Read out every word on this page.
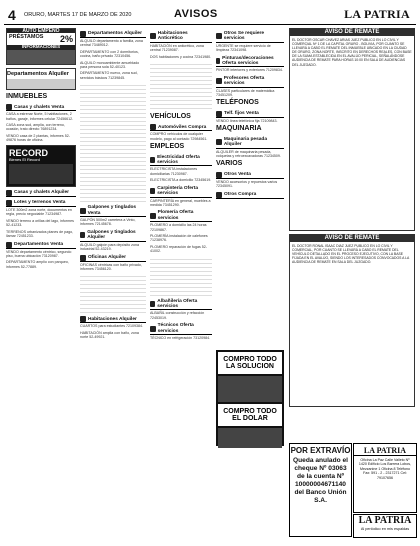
4 ORURO, MARTES 17 DE MARZO DE 2020	AVISOS	LA PATRIA
AUTO EMPEÑO
PRÉSTAMOS 2%
INFORMACIONES
Departamentos Alquiler
INMUEBLES
Casas y chalets Venta
CASA a estrenar Norte, 5 habitaciones, 2 baños, garaje, informes celular 72456612.
CASA zona sud, amplia, con terreno, ocasión, trato directo 76891234.
VENDO casa de 2 plantas, informes 52-49876 horas de oficina.
RECORD
Bienes El Record
Casas y chalets Alquiler
Lotes y terrenos Venta
LOTE 300m2 zona norte, documentos en regla, precio negociable 71234987.
VENDO terreno a orillas del lago, informes 52-41233.
TERRENOS urbanizados planes de pago, llamar 72451233.
Departamentos Venta
VENDO departamento céntrico, segundo piso, buena ubicación 73120987.
DEPARTAMENTO amplio con parqueo, informes 52-77889.
Departamentos Alquiler
ALQUILO departamento a familia, zona central 73489012.
DEPARTAMENTO con 2 dormitorios, cocina, baño privado 72310456.
ALQUILO monoambiente amueblado para persona sola 52-40123.
DEPARTAMENTO nuevo, zona sud, servicios básicos 71239845.
Galpones y tinglados Venta
GALPÓN 500m2 carretera a Vinto, informes 72145678.
Galpones y tinglados Alquiler
ALQUILO galpón para depósito zona industrial 52-43219.
Oficinas Alquiler
OFICINAS céntricas con baño privado, informes 73456120.
Habitaciones Alquiler
CUARTOS para estudiantes 72109384.
HABITACIÓN amplia con baño, zona norte 52-49921.
Habitaciones Anticrético
HABITACIÓN en anticrético, zona central 71239087.
DOS habitaciones y cocina 72341980.
VEHÍCULOS
Automóviles Compra
COMPRO vehículos de cualquier modelo, pago al contado 72984561.
EMPLEOS
Electricidad Oferta servicios
ELECTRICISTA instalaciones domiciliarias 71230987.
ELECTRICISTA a domicilio 72345619.
Carpintería Oferta servicios
CARPINTERÍA en general, muebles a medida 73451290.
Plomería Oferta servicios
PLOMERO a domicilio las 24 horas 72109867.
PLOMERÍA instalación de calefones 71238976.
PLOMERO reparación de fugas 52-41002.
Albañilería Oferta servicios
ALBAÑIL construcción y refacción 72453019.
Técnicos Oferta servicios
TÉCNICO en refrigeración 73120984.
Otros Se requiere servicios
URGENTE se requiere servicio de limpieza 72341098.
Pinturas/decoraciones Oferta servicios
PINTOR interiores y exteriores 71209834.
Profesores Oferta servicios
CLASES particulares de matemática 73451209.
TELÉFONOS
Telf. fijos Venta
VENDO línea telefónica fija 72109843.
MAQUINARIA
Maquinaria pesada Alquiler
ALQUILER de maquinaria pesada, volquetas y retroexcavadoras 71234509.
VARIOS
Otros Venta
VENDO accesorios y repuestos varios 72345091.
Otros Compra
COMPRO TODO LA SOLUCION
COMPRO TODO EL DOLAR
AVISO DE REMATE
EL DOCTOR OSCAR CHAVEZ ARIAS JUEZ PUBLICO EN LO CIVIL Y COMERCIAL Nº 1 DE LA CAPITAL ORURO - BOLIVIA, POR CUANTO SE LLEVARÁ A CABO EL REMATE DEL INMUEBLE UBICADO EN LA CIUDAD DE ORURO, ZONA NORTE, INSCRITO EN DERECHOS REALES, CON BASE DE LA SUMA ESTABLECIDA EN EL AVALÚO PERICIAL, SEÑALÁNDOSE AUDIENCIA DE REMATE PARA HORAS 10:00 EN SALA DE AUDIENCIAS DEL JUZGADO.
AVISO DE REMATE
EL DOCTOR RONAL ISAAC DIAZ JUEZ PUBLICO EN LO CIVIL Y COMERCIAL, POR CUANTO SE LLEVARÁ A CABO EL REMATE DEL VEHÍCULO DETALLADO EN EL PROCESO EJECUTIVO, CON LA BASE FIJADA EN EL AVALÚO, SIENDO LOS INTERESADOS CONVOCADOS A LA AUDIENCIA DE REMATE EN SALA DEL JUZGADO.
POR EXTRAVÍO
Queda anulado el cheque Nº 03063 de la cuenta Nº 10000004671140 del Banco Unión S.A.
LA PATRIA
Oficina La Paz Calle Valleto Nº 1420 Edificio Los Barrera Lobos, Mezzanine 1 Oficina 8 Teléfono Fax: 591 - 2 - 2317271 Cel: 79107656
LA PATRIA
Al periódico en mis espaldas
